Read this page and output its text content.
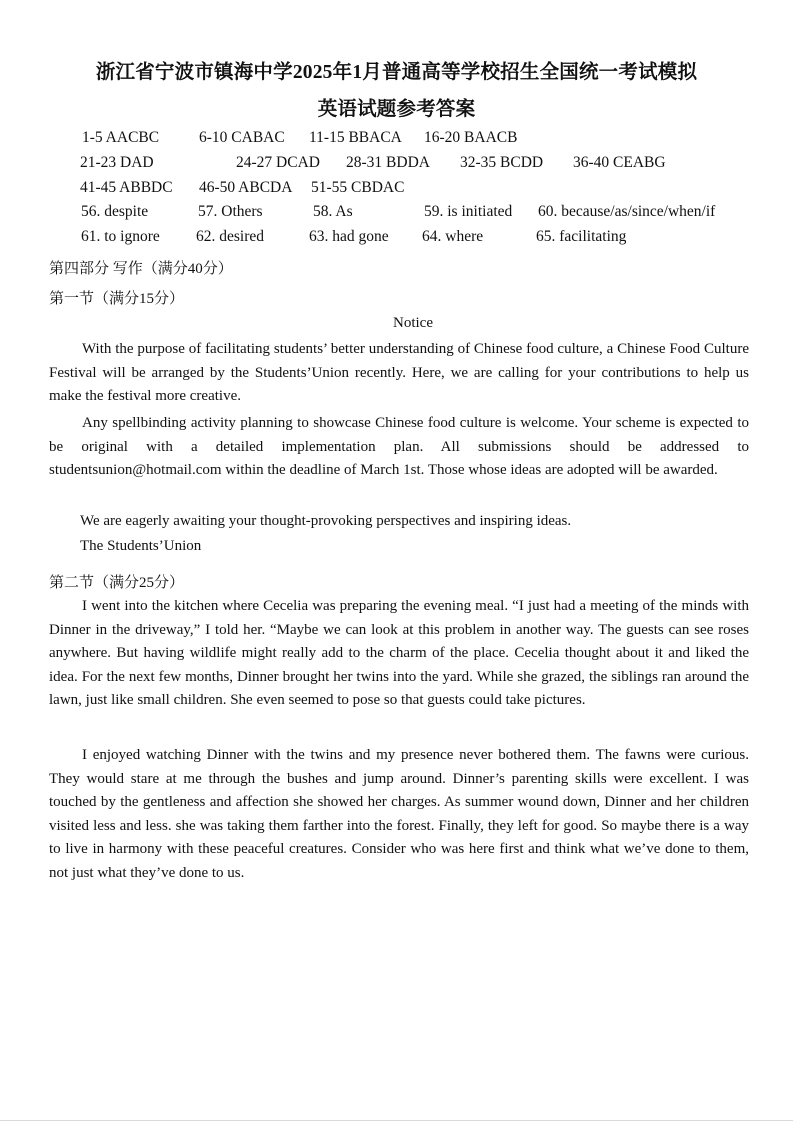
浙江省宁波市镇海中学2025年1月普通高等学校招生全国统一考试模拟
英语试题参考答案
1-5 AACBC	6-10 CABAC 11-15 BBACA 16-20 BAACB
21-23 DAD	24-27 DCAD 28-31 BDDA 32-35 BCDD 36-40 CEABG
41-45 ABBDC 46-50 ABCDA 51-55 CBDAC
56. despite	57. Others	58. As	59. is initiated 60. because/as/since/when/if
61. to ignore 62. desired	63. had gone 64. where	65. facilitating
第四部分 写作（满分40分）
第一节（满分15分）
Notice

With the purpose of facilitating students’ better understanding of Chinese food culture, a Chinese Food Culture Festival will be arranged by the Students’Union recently. Here, we are calling for your contributions to help us make the festival more creative.

Any spellbinding activity planning to showcase Chinese food culture is welcome. Your scheme is expected to be original with a detailed implementation plan. All submissions should be addressed to studentsunion@hotmail.com within the deadline of March 1st. Those whose ideas are adopted will be awarded.

We are eagerly awaiting your thought-provoking perspectives and inspiring ideas.
The Students’Union
第二节（满分25分）

I went into the kitchen where Cecelia was preparing the evening meal. “I just had a meeting of the minds with Dinner in the driveway,” I told her. “Maybe we can look at this problem in another way. The guests can see roses anywhere. But having wildlife might really add to the charm of the place. Cecelia thought about it and liked the idea. For the next few months, Dinner brought her twins into the yard. While she grazed, the siblings ran around the lawn, just like small children. She even seemed to pose so that guests could take pictures.

I enjoyed watching Dinner with the twins and my presence never bothered them. The fawns were curious. They would stare at me through the bushes and jump around. Dinner’s parenting skills were excellent. I was touched by the gentleness and affection she showed her charges. As summer wound down, Dinner and her children visited less and less. she was taking them farther into the forest. Finally, they left for good. So maybe there is a way to live in harmony with these peaceful creatures. Consider who was here first and think what we’ve done to them, not just what they’ve done to us.
